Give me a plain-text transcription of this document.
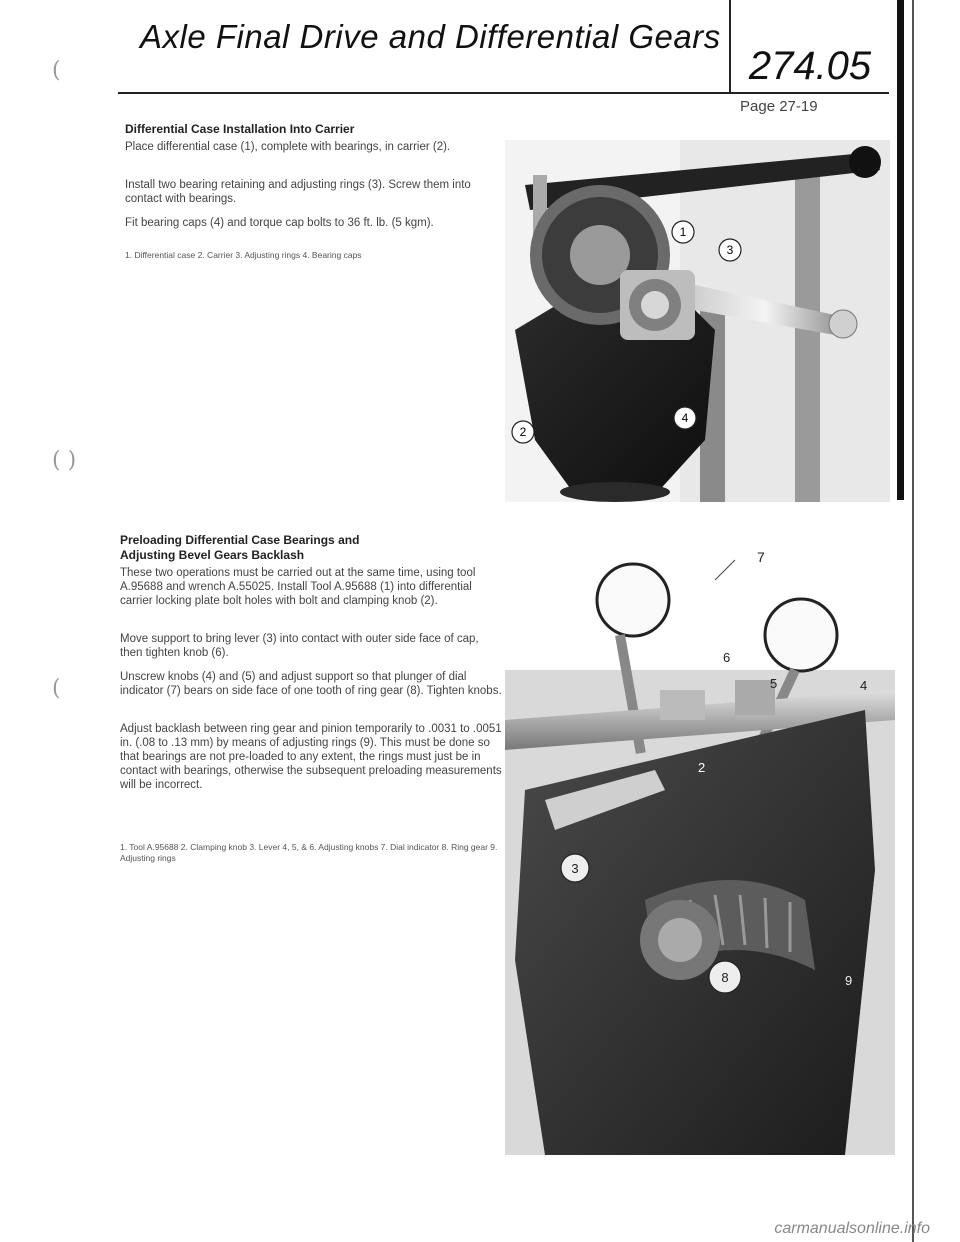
Axle Final Drive and Differential Gears
274.05
Page 27-19
(
( )
(
Differential Case Installation Into Carrier
Place differential case (1), complete with bearings, in carrier (2).
Install two bearing retaining and adjusting rings (3). Screw them into contact with bearings.
Fit bearing caps (4) and torque cap bolts to 36 ft. lb. (5 kgm).
1. Differential case 2. Carrier 3. Adjusting rings 4. Bearing caps
1
3
4
2
Preloading Differential Case Bearings and
Adjusting Bevel Gears Backlash
These two operations must be carried out at the same time, using tool A.95688 and wrench A.55025. Install Tool A.95688 (1) into differential carrier locking plate bolt holes with bolt and clamping knob (2).
Move support to bring lever (3) into contact with outer side face of cap, then tighten knob (6).
Unscrew knobs (4) and (5) and adjust support so that plunger of dial indicator (7) bears on side face of one tooth of ring gear (8). Tighten knobs.
Adjust backlash between ring gear and pinion temporarily to .0031 to .0051 in. (.08 to .13 mm) by means of adjusting rings (9). This must be done so that bearings are not pre-loaded to any extent, the rings must just be in contact with bearings, otherwise the subsequent preloading measurements will be incorrect.
1. Tool A.95688 2. Clamping knob 3. Lever 4, 5, & 6. Adjusting knobs 7. Dial indicator 8. Ring gear 9. Adjusting rings
7
6
5	4
2
3
8	9
carmanualsonline.info
